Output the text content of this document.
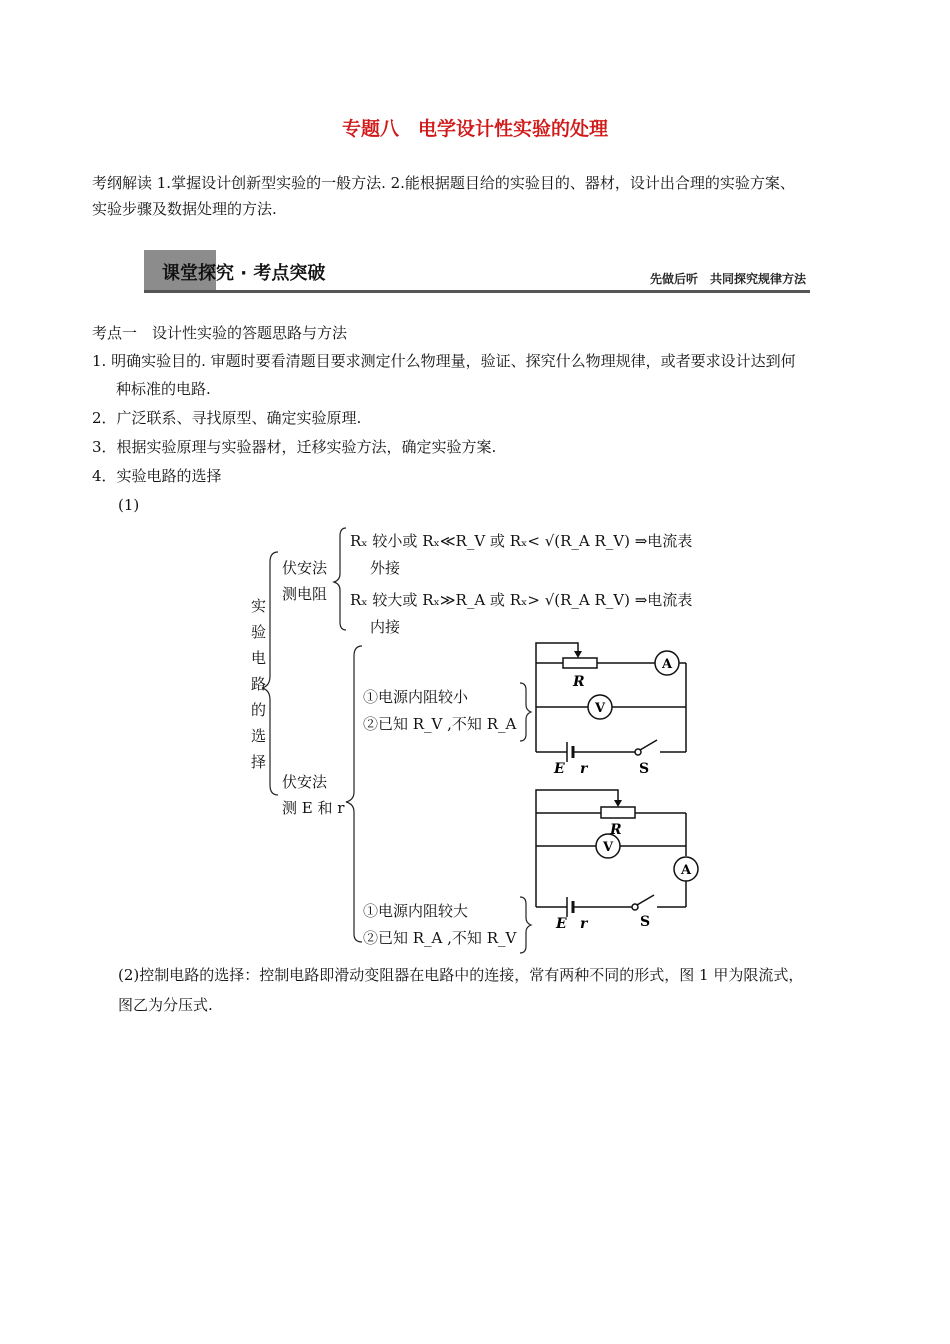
专题八　电学设计性实验的处理
考纲解读 1.掌握设计创新型实验的一般方法. 2.能根据题目给的实验目的、器材，设计出合理的实验方案、
实验步骤及数据处理的方法.
课堂探究 · 考点突破	先做后听　共同探究规律方法
考点一　设计性实验的答题思路与方法
1. 明确实验目的. 审题时要看清题目要求测定什么物理量，验证、探究什么物理规律，或者要求设计达到何
种标准的电路.
2．广泛联系、寻找原型、确定实验原理.
3．根据实验原理与实验器材，迁移实验方法，确定实验方案.
4．实验电路的选择
(1)
实
验
电
路
的
选
择
伏安法
测电阻
Rₓ 较小或 Rₓ≪R_V 或 Rₓ< √(R_A R_V) ⇒电流表
外接
Rₓ 较大或 Rₓ≫R_A 或 Rₓ> √(R_A R_V) ⇒电流表
内接
伏安法
测 E 和 r
①电源内阻较小
②已知 R_V ,不知 R_A
①电源内阻较大
②已知 R_A ,不知 R_V
A
V
R
E r	S
A
V
R
E r	S
(2)控制电路的选择：控制电路即滑动变阻器在电路中的连接，常有两种不同的形式，图 1 甲为限流式，
图乙为分压式.
